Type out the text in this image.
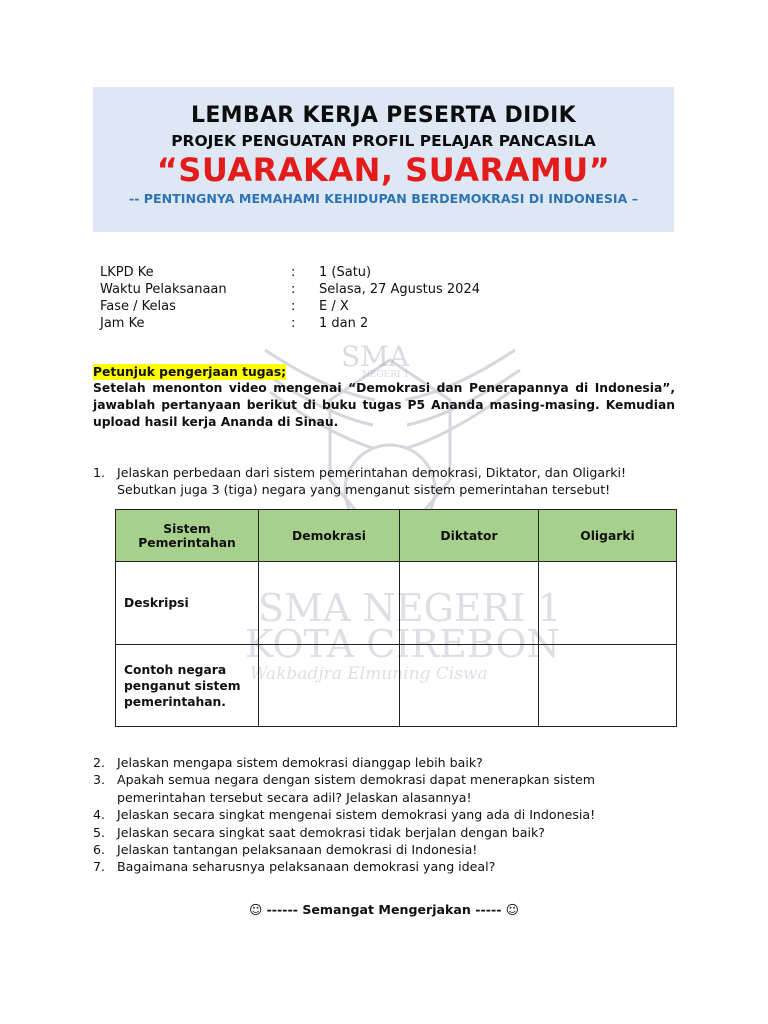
SMA
NEGERI 1
SMA NEGERI 1
KOTA CIREBON
Wakbadjra Elmuning Ciswa
LEMBAR KERJA PESERTA DIDIK
PROJEK PENGUATAN PROFIL PELAJAR PANCASILA
“SUARAKAN, SUARAMU”
-- PENTINGNYA MEMAHAMI KEHIDUPAN BERDEMOKRASI DI INDONESIA –
LKPD Ke	: 1 (Satu)
Waktu Pelaksanaan	: Selasa, 27 Agustus 2024
Fase / Kelas	: E / X
Jam Ke	: 1 dan 2
Petunjuk pengerjaan tugas;
Setelah menonton video mengenai “Demokrasi dan Penerapannya di Indonesia”, jawablah pertanyaan berikut di buku tugas P5 Ananda masing-masing. Kemudian upload hasil kerja Ananda di Sinau.
1. Jelaskan perbedaan dari sistem pemerintahan demokrasi, Diktator, dan Oligarki! Sebutkan juga 3 (tiga) negara yang menganut sistem pemerintahan tersebut!
Sistem Pemerintahan	Demokrasi	Diktator	Oligarki
Deskripsi			
Contoh negara penganut sistem pemerintahan.			
2. Jelaskan mengapa sistem demokrasi dianggap lebih baik?
3. Apakah semua negara dengan sistem demokrasi dapat menerapkan sistem pemerintahan tersebut secara adil? Jelaskan alasannya!
4. Jelaskan secara singkat mengenai sistem demokrasi yang ada di Indonesia!
5. Jelaskan secara singkat saat demokrasi tidak berjalan dengan baik?
6. Jelaskan tantangan pelaksanaan demokrasi di Indonesia!
7. Bagaimana seharusnya pelaksanaan demokrasi yang ideal?
☺ ------ Semangat Mengerjakan ----- ☺
